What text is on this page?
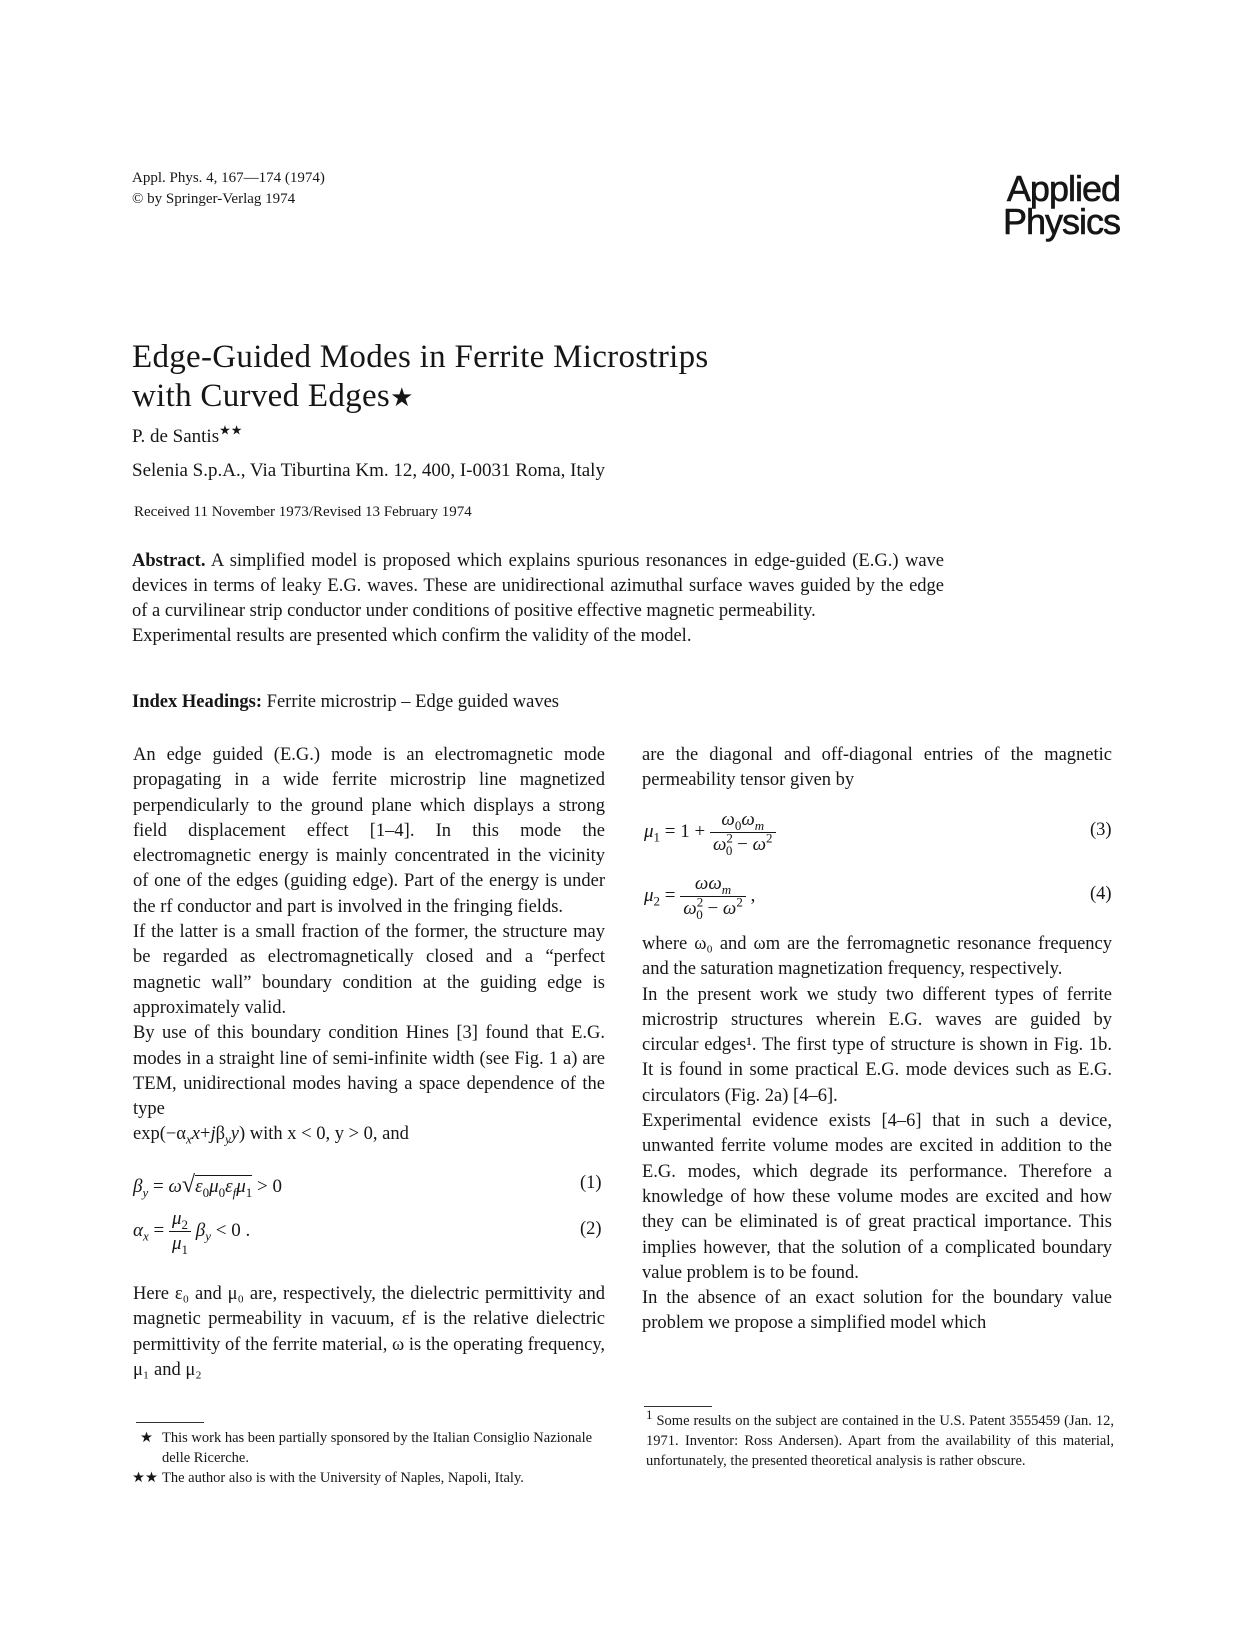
Appl. Phys. 4, 167—174 (1974)
© by Springer-Verlag 1974	Applied
Physics
Edge-Guided Modes in Ferrite Microstrips
with Curved Edges★
P. de Santis★★
Selenia S.p.A., Via Tiburtina Km. 12, 400, I-0031 Roma, Italy
Received 11 November 1973/Revised 13 February 1974

Abstract. A simplified model is proposed which explains spurious resonances in edge-guided (E.G.) wave devices in terms of leaky E.G. waves. These are unidirectional azimuthal surface waves guided by the edge of a curvilinear strip conductor under conditions of positive effective magnetic permeability.

Experimental results are presented which confirm the validity of the model.

Index Headings: Ferrite microstrip – Edge guided waves

An edge guided (E.G.) mode is an electromagnetic mode propagating in a wide ferrite microstrip line magnetized perpendicularly to the ground plane which displays a strong field displacement effect [1–4]. In this mode the electromagnetic energy is mainly concentrated in the vicinity of one of the edges (guiding edge). Part of the energy is under the rf conductor and part is involved in the fringing fields.

If the latter is a small fraction of the former, the structure may be regarded as electromagnetically closed and a “perfect magnetic wall” boundary condition at the guiding edge is approximately valid.

By use of this boundary condition Hines [3] found that E.G. modes in a straight line of semi-infinite width (see Fig. 1 a) are TEM, unidirectional modes having a space dependence of the type

$\exp(-\alpha_xx+j\beta_yy)$ with x < 0, y > 0, and

$\beta_y = \omega√\varepsilon_0\mu_0\varepsilon_f\mu_1 > 0$	(1)
$\alpha_x = \frac{\mu_2}{\mu_1} \beta_y < 0$ .	(2)

Here ε₀ and μ₀ are, respectively, the dielectric permittivity and magnetic permeability in vacuum, εf is the relative dielectric permittivity of the ferrite material, ω is the operating frequency, μ₁ and μ₂

★ This work has been partially sponsored by the Italian Consiglio Nazionale delle Ricerche.
★★ The author also is with the University of Naples, Napoli, Italy.

are the diagonal and off-diagonal entries of the magnetic permeability tensor given by

$\mu_1 = 1 + \frac{\omega_0\omega_m}{\omega^2_0 - \omega^2}$	(3)
$\mu_2 = \frac{\omega\omega_m}{\omega^2_0 - \omega^2}$ ,	(4)

where ω₀ and ωm are the ferromagnetic resonance frequency and the saturation magnetization frequency, respectively.

In the present work we study two different types of ferrite microstrip structures wherein E.G. waves are guided by circular edges¹. The first type of structure is shown in Fig. 1b. It is found in some practical E.G. mode devices such as E.G. circulators (Fig. 2a) [4–6].

Experimental evidence exists [4–6] that in such a device, unwanted ferrite volume modes are excited in addition to the E.G. modes, which degrade its performance. Therefore a knowledge of how these volume modes are excited and how they can be eliminated is of great practical importance. This implies however, that the solution of a complicated boundary value problem is to be found.

In the absence of an exact solution for the boundary value problem we propose a simplified model which

$^1$ Some results on the subject are contained in the U.S. Patent 3555459 (Jan. 12, 1971. Inventor: Ross Andersen). Apart from the availability of this material, unfortunately, the presented theoretical analysis is rather obscure.
